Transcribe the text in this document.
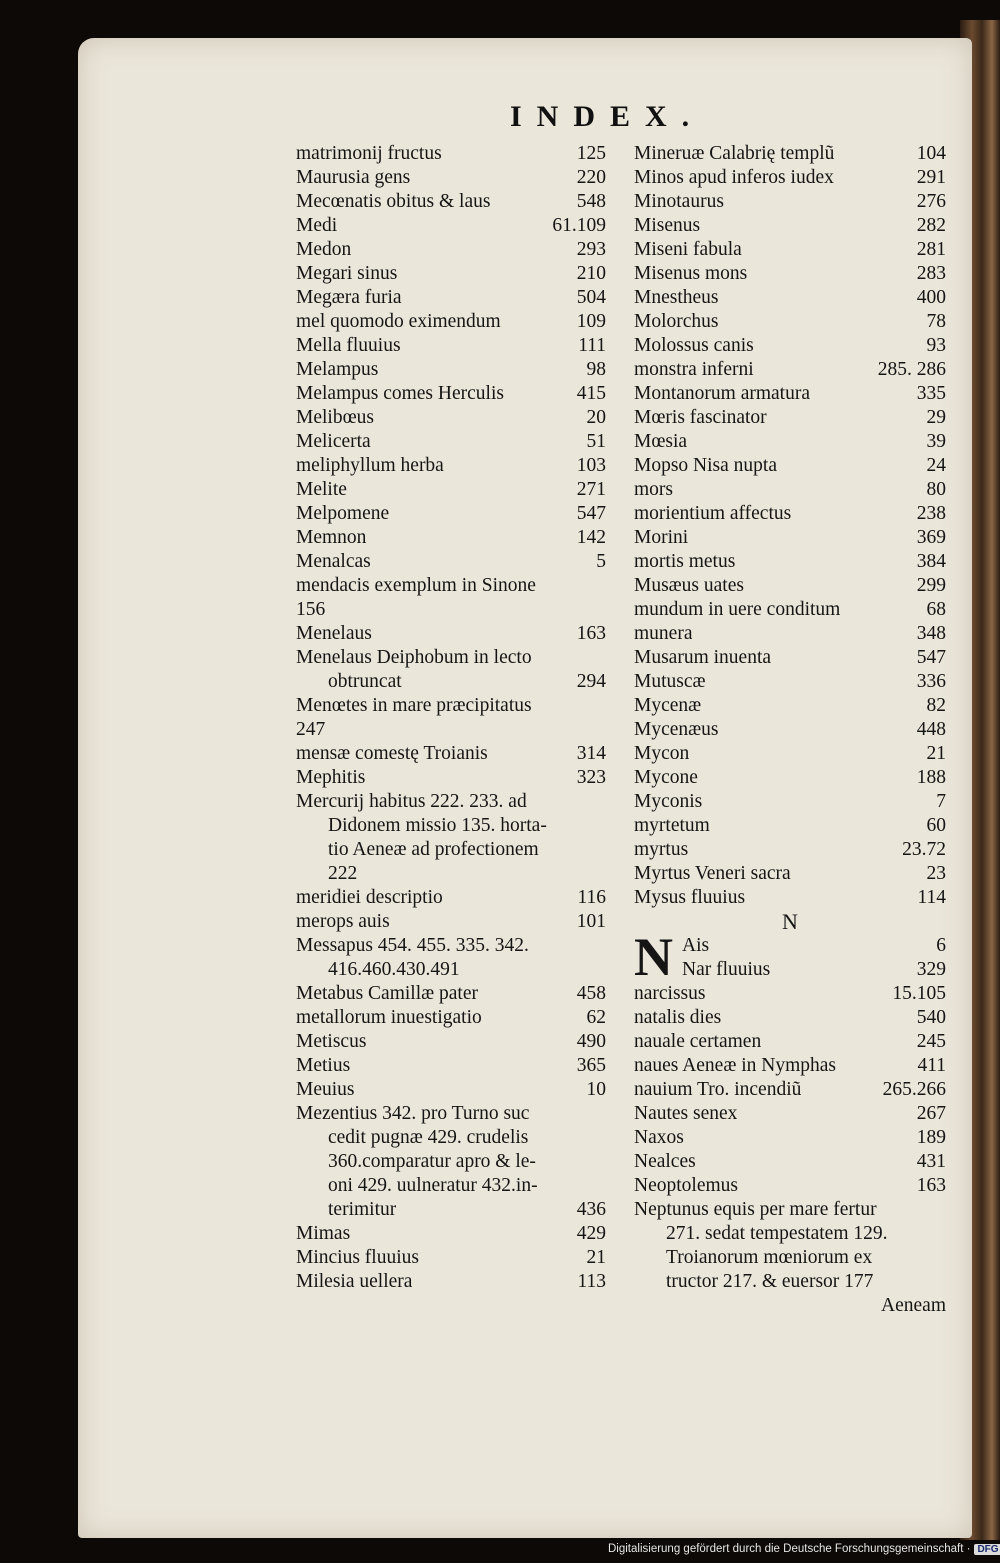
INDEX.
matrimonij fructus	125
Maurusia gens	220
Mecœnatis obitus & laus	548
Medi	61.109
Medon	293
Megari sinus	210
Megæra furia	504
mel quomodo eximendum	109
Mella fluuius	111
Melampus	98
Melampus comes Herculis	415
Melibœus	20
Melicerta	51
meliphyllum herba	103
Melite	271
Melpomene	547
Memnon	142
Menalcas	5
mendacis exemplum in Sinone
156
Menelaus	163
Menelaus Deiphobum in lecto
obtruncat	294
Menœtes in mare præcipitatus
247
mensæ comestę Troianis	314
Mephitis	323
Mercurij habitus 222. 233. ad
Didonem missio 135. horta-
tio Aeneæ ad profectionem
222
meridiei descriptio	116
merops auis	101
Messapus 454. 455. 335. 342.
416.460.430.491
Metabus Camillæ pater	458
metallorum inuestigatio	62
Metiscus	490
Metius	365
Meuius	10
Mezentius 342. pro Turno suc
cedit pugnæ 429. crudelis
360.comparatur apro & le-
oni 429. uulneratur 432.in-
terimitur	436
Mimas	429
Mincius fluuius	21
Milesia uellera	113
Mineruæ Calabrię templũ	104
Minos apud inferos iudex	291
Minotaurus	276
Misenus	282
Miseni fabula	281
Misenus mons	283
Mnestheus	400
Molorchus	78
Molossus canis	93
monstra inferni	285. 286
Montanorum armatura	335
Mœris fascinator	29
Mœsia	39
Mopso Nisa nupta	24
mors	80
morientium affectus	238
Morini	369
mortis metus	384
Musæus uates	299
mundum in uere conditum	68
munera	348
Musarum inuenta	547
Mutuscæ	336
Mycenæ	82
Mycenæus	448
Mycon	21
Mycone	188
Myconis	7
myrtetum	60
myrtus	23.72
Myrtus Veneri sacra	23
Mysus fluuius	114
N
N Ais	6
Nar fluuius	329
narcissus	15.105
natalis dies	540
nauale certamen	245
naues Aeneæ in Nymphas	411
nauium Tro. incendiũ	265.266
Nautes senex	267
Naxos	189
Nealces	431
Neoptolemus	163
Neptunus equis per mare fertur
271. sedat tempestatem 129.
Troianorum mœniorum ex
tructor 217. & euersor 177
Aeneam
Digitalisierung gefördert durch die Deutsche Forschungsgemeinschaft · DFG
